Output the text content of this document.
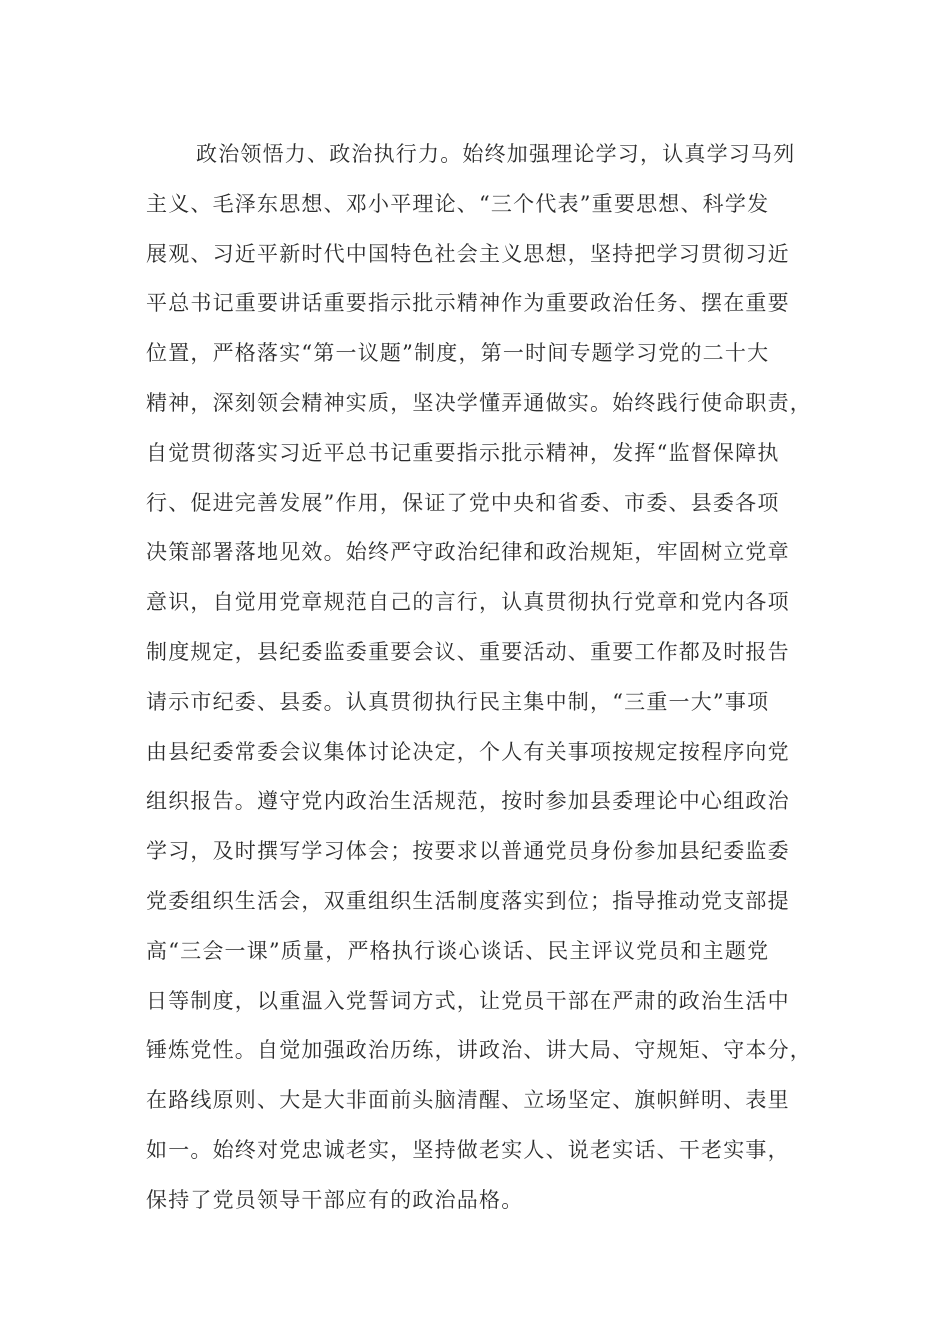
政治领悟力、政治执行力。始终加强理论学习，认真学习马列
主义、毛泽东思想、邓小平理论、“三个代表”重要思想、科学发
展观、习近平新时代中国特色社会主义思想，坚持把学习贯彻习近
平总书记重要讲话重要指示批示精神作为重要政治任务、摆在重要
位置，严格落实“第一议题”制度，第一时间专题学习党的二十大
精神，深刻领会精神实质，坚决学懂弄通做实。始终践行使命职责，
自觉贯彻落实习近平总书记重要指示批示精神，发挥“监督保障执
行、促进完善发展”作用，保证了党中央和省委、市委、县委各项
决策部署落地见效。始终严守政治纪律和政治规矩，牢固树立党章
意识，自觉用党章规范自己的言行，认真贯彻执行党章和党内各项
制度规定，县纪委监委重要会议、重要活动、重要工作都及时报告
请示市纪委、县委。认真贯彻执行民主集中制，“三重一大”事项
由县纪委常委会议集体讨论决定，个人有关事项按规定按程序向党
组织报告。遵守党内政治生活规范，按时参加县委理论中心组政治
学习，及时撰写学习体会；按要求以普通党员身份参加县纪委监委
党委组织生活会，双重组织生活制度落实到位；指导推动党支部提
高“三会一课”质量，严格执行谈心谈话、民主评议党员和主题党
日等制度，以重温入党誓词方式，让党员干部在严肃的政治生活中
锤炼党性。自觉加强政治历练，讲政治、讲大局、守规矩、守本分，
在路线原则、大是大非面前头脑清醒、立场坚定、旗帜鲜明、表里
如一。始终对党忠诚老实，坚持做老实人、说老实话、干老实事，
保持了党员领导干部应有的政治品格。
